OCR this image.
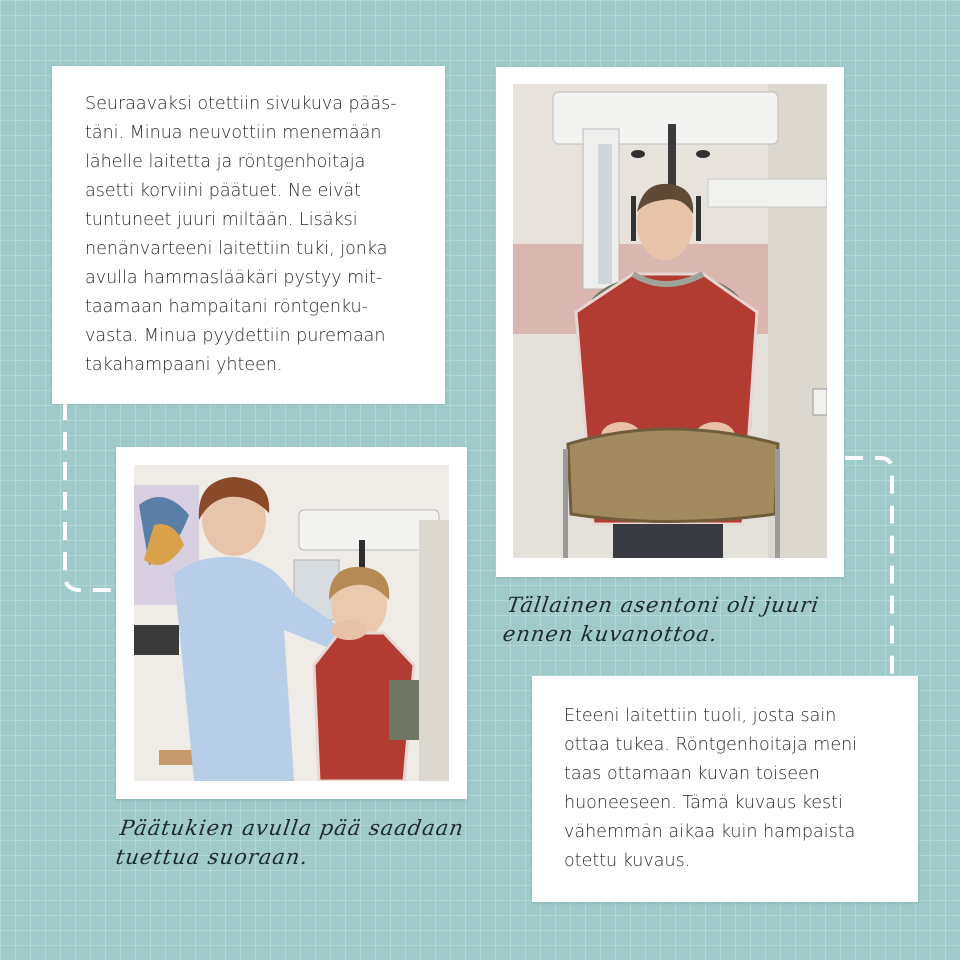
Seuraavaksi otettiin sivukuva pääs-
täni. Minua neuvottiin menemään
lähelle laitetta ja röntgenhoitaja
asetti korviini päätuet. Ne eivät
tuntuneet juuri miltään. Lisäksi
nenänvarteeni laitettiin tuki, jonka
avulla hammaslääkäri pystyy mit-
taamaan hampaitani röntgenku-
vasta. Minua pyydettiin puremaan
takahampaani yhteen.
Tällainen asentoni oli juuri
ennen kuvanottoa.
Päätukien avulla pää saadaan
tuettua suoraan.
Eteeni laitettiin tuoli, josta sain
ottaa tukea. Röntgenhoitaja meni
taas ottamaan kuvan toiseen
huoneeseen. Tämä kuvaus kesti
vähemmän aikaa kuin hampaista
otettu kuvaus.
